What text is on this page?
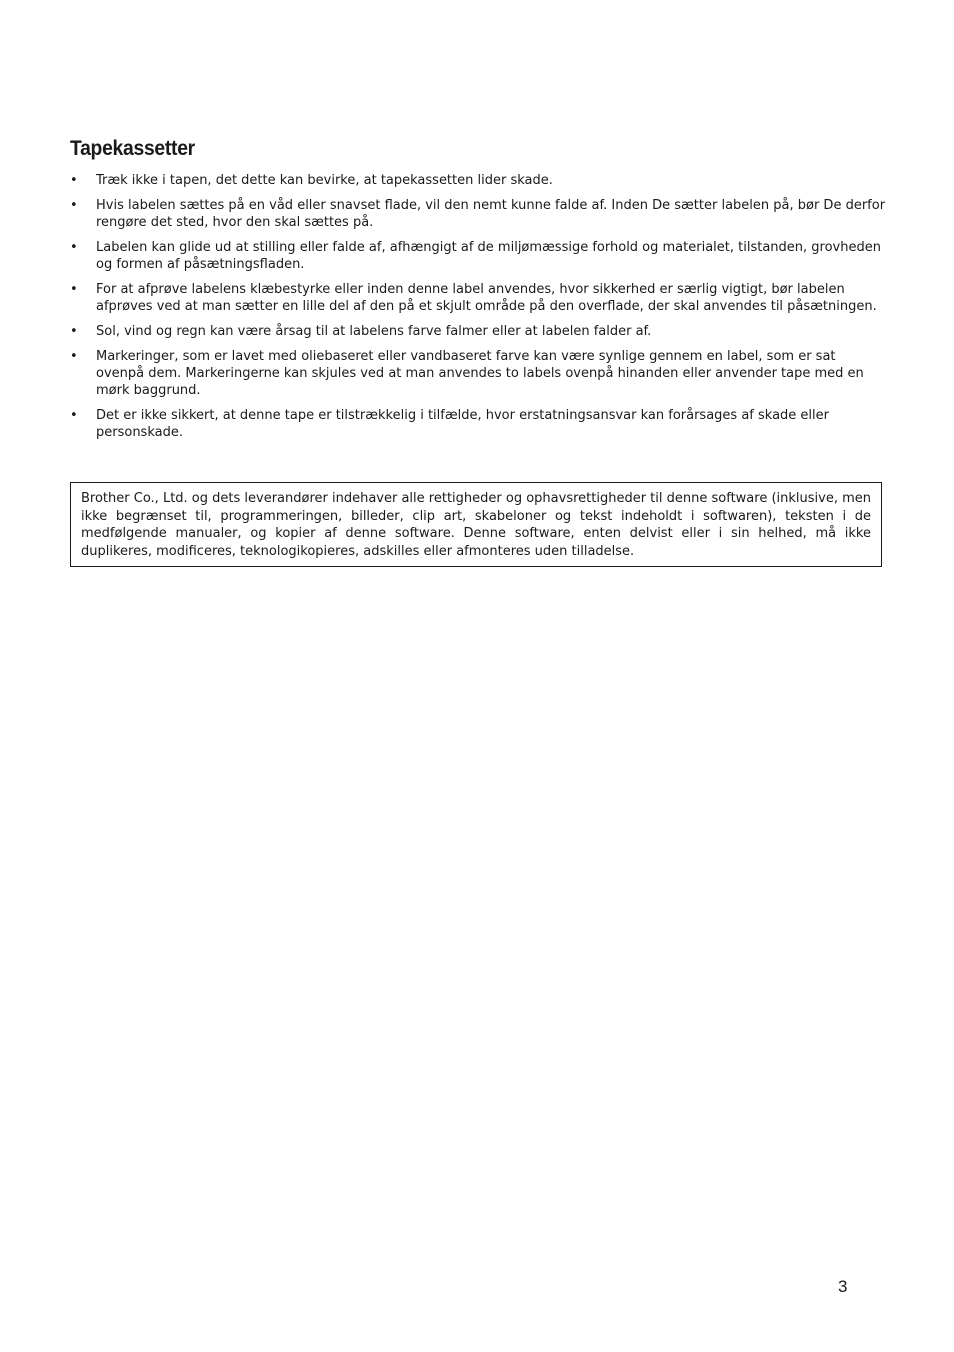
Tapekassetter
•	Træk ikke i tapen, det dette kan bevirke, at tapekassetten lider skade.
•	Hvis labelen sættes på en våd eller snavset flade, vil den nemt kunne falde af. Inden De sætter labelen på, bør De derfor rengøre det sted, hvor den skal sættes på.
•	Labelen kan glide ud at stilling eller falde af, afhængigt af de miljømæssige forhold og materialet, tilstanden, grovheden og formen af påsætningsfladen.
•	For at afprøve labelens klæbestyrke eller inden denne label anvendes, hvor sikkerhed er særlig vigtigt, bør labelen afprøves ved at man sætter en lille del af den på et skjult område på den overflade, der skal anvendes til påsætningen.
•	Sol, vind og regn kan være årsag til at labelens farve falmer eller at labelen falder af.
•	Markeringer, som er lavet med oliebaseret eller vandbaseret farve kan være synlige gennem en label, som er sat ovenpå dem. Markeringerne kan skjules ved at man anvendes to labels ovenpå hinanden eller anvender tape med en mørk baggrund.
•	Det er ikke sikkert, at denne tape er tilstrækkelig i tilfælde, hvor erstatningsansvar kan forårsages af skade eller personskade.
Brother Co., Ltd. og dets leverandører indehaver alle rettigheder og ophavsrettigheder til denne software (inklusive, men ikke begrænset til, programmeringen, billeder, clip art, skabeloner og tekst indeholdt i softwaren), teksten i de medfølgende manualer, og kopier af denne software. Denne software, enten delvist eller i sin helhed, må ikke duplikeres, modificeres, teknologikopieres, adskilles eller afmonteres uden tilladelse.
3
